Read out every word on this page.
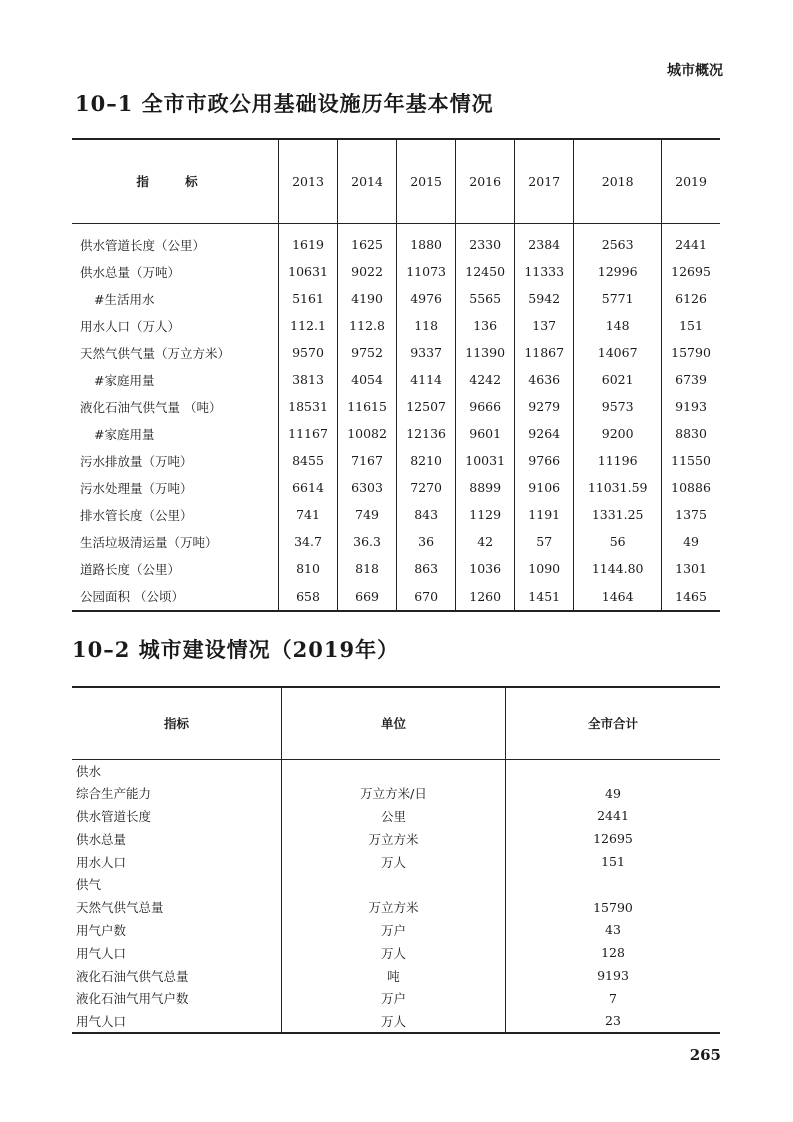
城市概况
10–1 全市市政公用基础设施历年基本情况
指 标	2013	2014	2015	2016	2017	2018	2019
供水管道长度（公里）	1619	1625	1880	2330	2384	2563	2441
供水总量（万吨）	10631	9022	11073	12450	11333	12996	12695
#生活用水	5161	4190	4976	5565	5942	5771	6126
用水人口（万人）	112.1	112.8	118	136	137	148	151
天然气供气量（万立方米）	9570	9752	9337	11390	11867	14067	15790
#家庭用量	3813	4054	4114	4242	4636	6021	6739
液化石油气供气量 （吨）	18531	11615	12507	9666	9279	9573	9193
#家庭用量	11167	10082	12136	9601	9264	9200	8830
污水排放量（万吨）	8455	7167	8210	10031	9766	11196	11550
污水处理量（万吨）	6614	6303	7270	8899	9106	11031.59	10886
排水管长度（公里）	741	749	843	1129	1191	1331.25	1375
生活垃圾清运量（万吨）	34.7	36.3	36	42	57	56	49
道路长度（公里）	810	818	863	1036	1090	1144.80	1301
公园面积 （公顷）	658	669	670	1260	1451	1464	1465
10–2 城市建设情况（2019年）
指标	单位	全市合计
供水		
综合生产能力	万立方米/日	49
供水管道长度	公里	2441
供水总量	万立方米	12695
用水人口	万人	151
供气		
天然气供气总量	万立方米	15790
用气户数	万户	43
用气人口	万人	128
液化石油气供气总量	吨	9193
液化石油气用气户数	万户	7
用气人口	万人	23
265
